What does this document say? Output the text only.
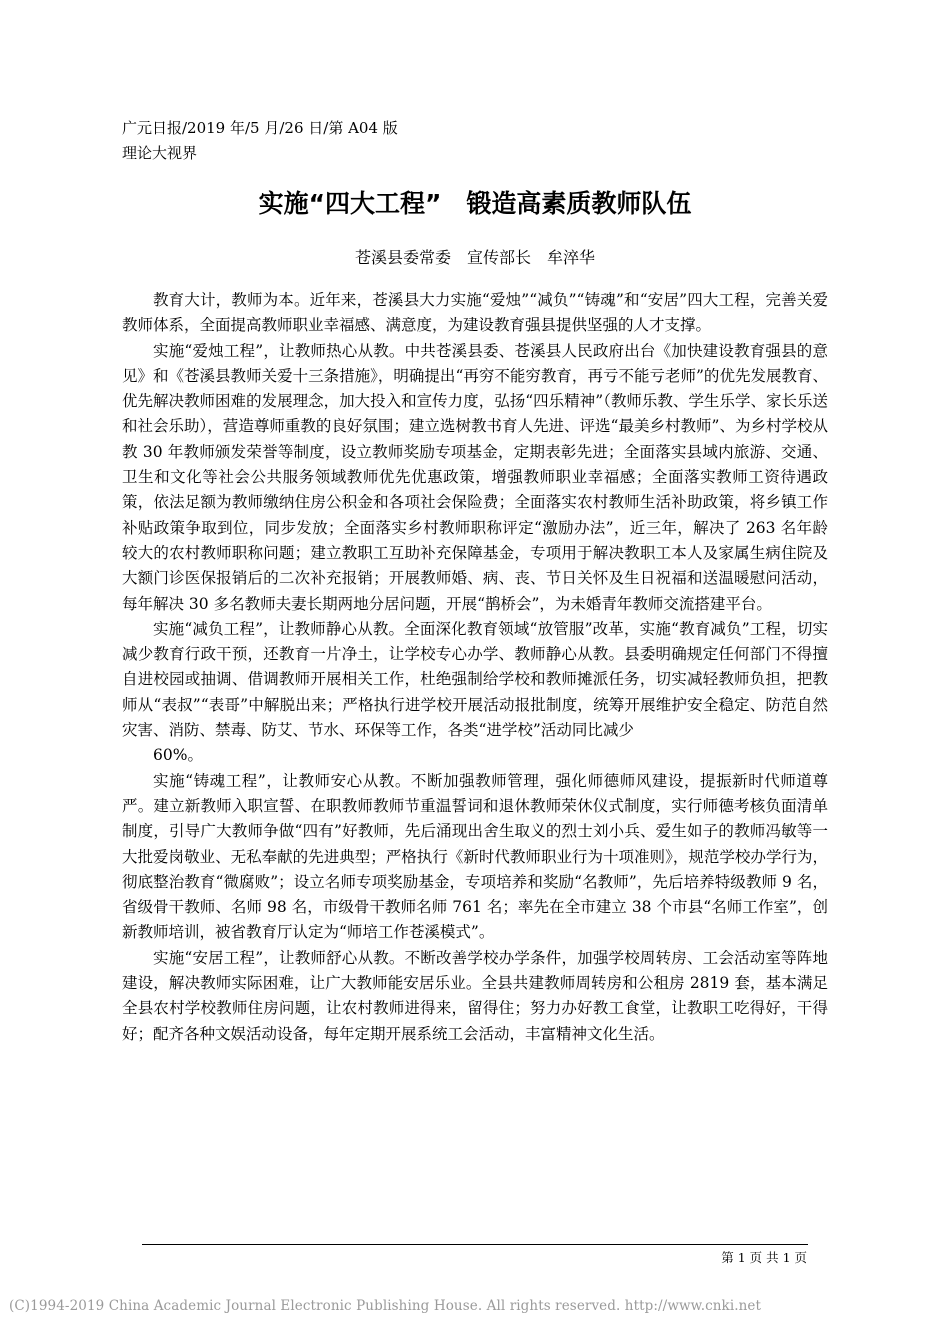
广元日报/2019 年/5 月/26 日/第 A04 版
理论大视界
实施“四大工程”　锻造高素质教师队伍
苍溪县委常委　宣传部长　牟淬华

教育大计，教师为本。近年来，苍溪县大力实施“爱烛”“减负”“铸魂”和“安居”四大工程，完善关爱教师体系，全面提高教师职业幸福感、满意度，为建设教育强县提供坚强的人才支撑。

实施“爱烛工程”，让教师热心从教。中共苍溪县委、苍溪县人民政府出台《加快建设教育强县的意见》和《苍溪县教师关爱十三条措施》，明确提出“再穷不能穷教育，再亏不能亏老师”的优先发展教育、优先解决教师困难的发展理念，加大投入和宣传力度，弘扬“四乐精神”（教师乐教、学生乐学、家长乐送和社会乐助），营造尊师重教的良好氛围；建立选树教书育人先进、评选“最美乡村教师”、为乡村学校从教 30 年教师颁发荣誉等制度，设立教师奖励专项基金，定期表彰先进；全面落实县域内旅游、交通、卫生和文化等社会公共服务领域教师优先优惠政策，增强教师职业幸福感；全面落实教师工资待遇政策，依法足额为教师缴纳住房公积金和各项社会保险费；全面落实农村教师生活补助政策，将乡镇工作补贴政策争取到位，同步发放；全面落实乡村教师职称评定“激励办法”，近三年，解决了 263 名年龄较大的农村教师职称问题；建立教职工互助补充保障基金，专项用于解决教职工本人及家属生病住院及大额门诊医保报销后的二次补充报销；开展教师婚、病、丧、节日关怀及生日祝福和送温暖慰问活动，每年解决 30 多名教师夫妻长期两地分居问题，开展“鹊桥会”，为未婚青年教师交流搭建平台。

实施“减负工程”，让教师静心从教。全面深化教育领域“放管服”改革，实施“教育减负”工程，切实减少教育行政干预，还教育一片净土，让学校专心办学、教师静心从教。县委明确规定任何部门不得擅自进校园或抽调、借调教师开展相关工作，杜绝强制给学校和教师摊派任务，切实减轻教师负担，把教师从“表叔”“表哥”中解脱出来；严格执行进学校开展活动报批制度，统筹开展维护安全稳定、防范自然灾害、消防、禁毒、防艾、节水、环保等工作，各类“进学校”活动同比减少

60%。

实施“铸魂工程”，让教师安心从教。不断加强教师管理，强化师德师风建设，提振新时代师道尊严。建立新教师入职宣誓、在职教师教师节重温誓词和退休教师荣休仪式制度，实行师德考核负面清单制度，引导广大教师争做“四有”好教师，先后涌现出舍生取义的烈士刘小兵、爱生如子的教师冯敏等一大批爱岗敬业、无私奉献的先进典型；严格执行《新时代教师职业行为十项准则》，规范学校办学行为，彻底整治教育“微腐败”；设立名师专项奖励基金，专项培养和奖励“名教师”，先后培养特级教师 9 名，省级骨干教师、名师 98 名，市级骨干教师名师 761 名；率先在全市建立 38 个市县“名师工作室”，创新教师培训，被省教育厅认定为“师培工作苍溪模式”。

实施“安居工程”，让教师舒心从教。不断改善学校办学条件，加强学校周转房、工会活动室等阵地建设，解决教师实际困难，让广大教师能安居乐业。全县共建教师周转房和公租房 2819 套，基本满足全县农村学校教师住房问题，让农村教师进得来，留得住；努力办好教工食堂，让教职工吃得好，干得好；配齐各种文娱活动设备，每年定期开展系统工会活动，丰富精神文化生活。

第 1 页 共 1 页
(C)1994-2019 China Academic Journal Electronic Publishing House. All rights reserved. http://www.cnki.net
